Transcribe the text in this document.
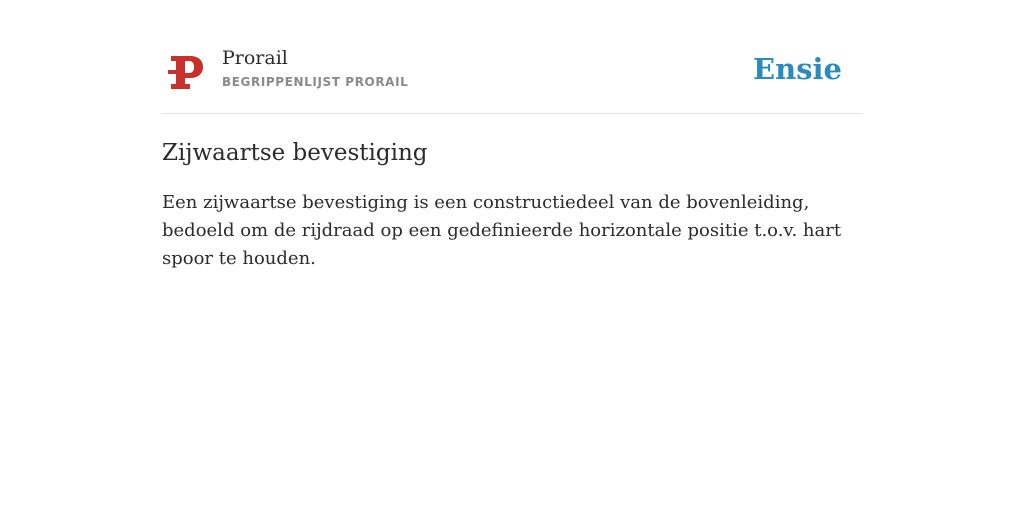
Prorail
BEGRIPPENLIJST PRORAIL	Ensie
Zijwaartse bevestiging

Een zijwaartse bevestiging is een constructiedeel van de bovenleiding, bedoeld om de rijdraad op een gedefinieerde horizontale positie t.o.v. hart spoor te houden.
